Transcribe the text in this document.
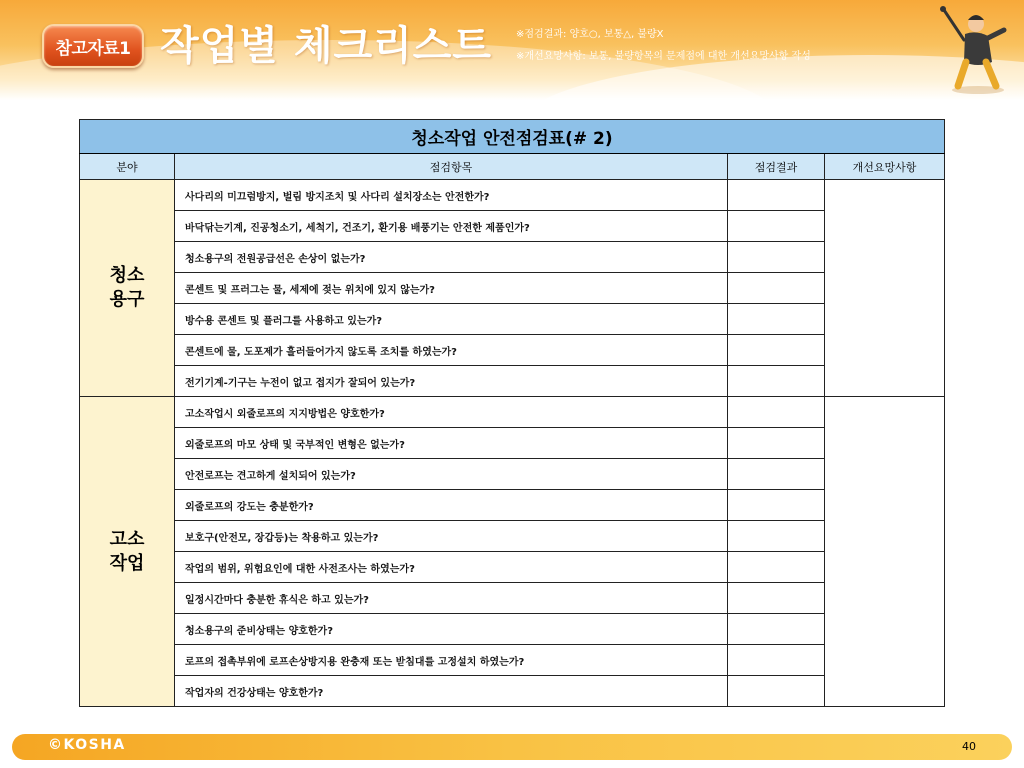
참고자료1 작업별 체크리스트 ※점검결과: 양호○, 보통△, 불량X
※개선요망사항: 보통, 불량항목의 문제점에 대한 개선요망사항 작성
청소작업 안전점검표(# 2)			
분야	점검항목	점검결과	개선요망사항
청소
용구	사다리의 미끄럼방지, 벌림 방지조치 및 사다리 설치장소는 안전한가?		
	바닥닦는기계, 진공청소기, 세척기, 건조기, 환기용 배풍기는 안전한 제품인가?		
	청소용구의 전원공급선은 손상이 없는가?		
	콘센트 및 프러그는 물, 세제에 젖는 위치에 있지 않는가?		
	방수용 콘센트 및 플러그를 사용하고 있는가?		
	콘센트에 물, 도포제가 흘러들어가지 않도록 조치를 하였는가?		
	전기기계-기구는 누전이 없고 접지가 잘되어 있는가?		
고소
작업	고소작업시 외줄로프의 지지방법은 양호한가?		
	외줄로프의 마모 상태 및 국부적인 변형은 없는가?		
	안전로프는 견고하게 설치되어 있는가?		
	외줄로프의 강도는 충분한가?		
	보호구(안전모, 장갑등)는 착용하고 있는가?		
	작업의 범위, 위험요인에 대한 사전조사는 하였는가?		
	일정시간마다 충분한 휴식은 하고 있는가?		
	청소용구의 준비상태는 양호한가?		
	로프의 접촉부위에 로프손상방지용 완충재 또는 받침대를 고정설치 하였는가?		
	작업자의 건강상태는 양호한가?		
©KOSHA	40
